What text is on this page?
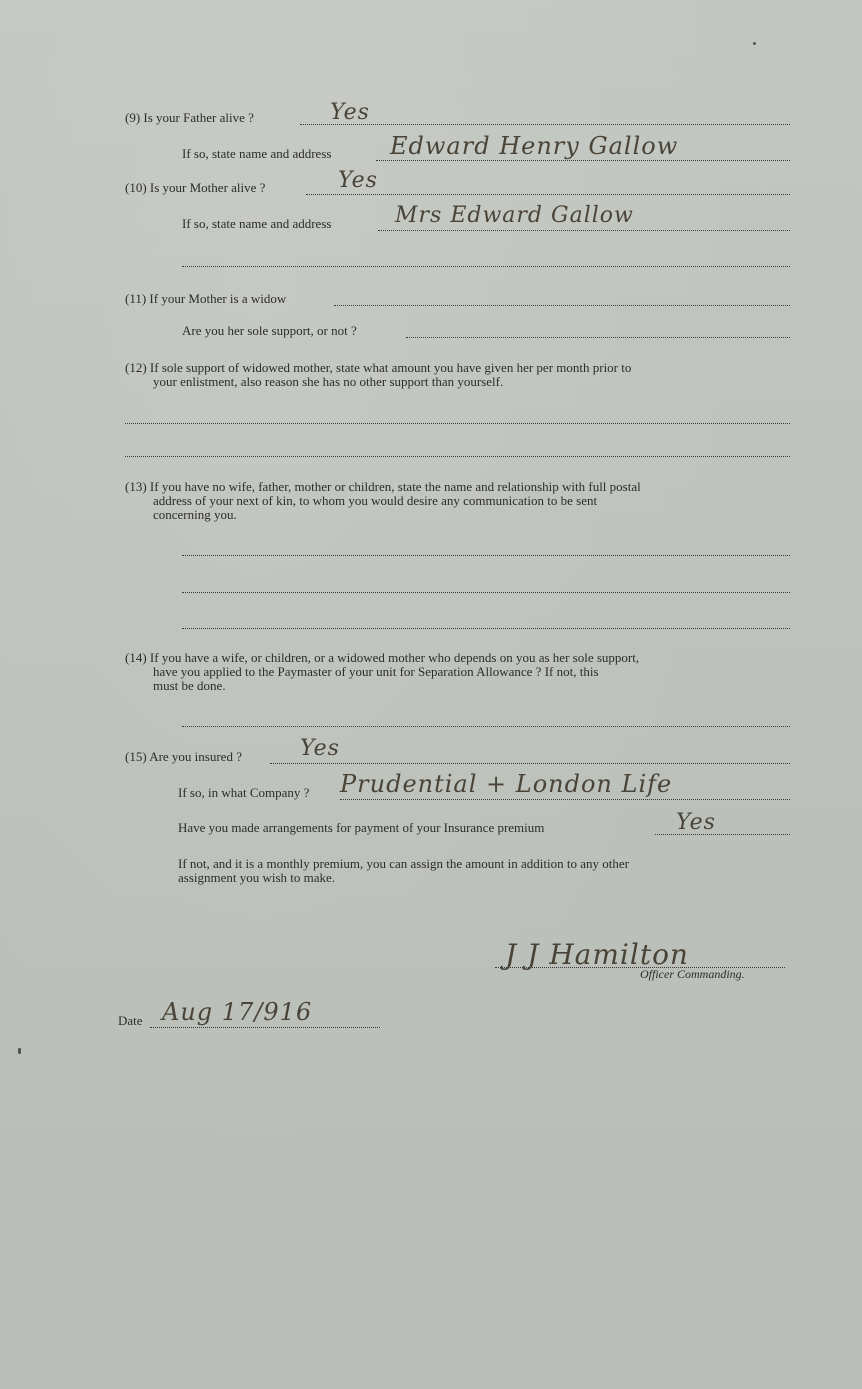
(9) Is your Father alive ?	Yes
If so, state name and address Edward Henry Gallow
(10) Is your Mother alive ?	Yes
If so, state name and address	Mrs Edward Gallow
(11) If your Mother is a widow
Are you her sole support, or not ?
(12) If sole support of widowed mother, state what amount you have given her per month prior to
your enlistment, also reason she has no other support than yourself.
(13) If you have no wife, father, mother or children, state the name and relationship with full postal
address of your next of kin, to whom you would desire any communication to be sent
concerning you.
(14) If you have a wife, or children, or a widowed mother who depends on you as her sole support,
have you applied to the Paymaster of your unit for Separation Allowance ? If not, this
must be done.
(15) Are you insured ?	Yes
If so, in what Company ? Prudential + London Life
Have you made arrangements for payment of your Insurance premium	Yes
If not, and it is a monthly premium, you can assign the amount in addition to any other
assignment you wish to make.
J J Hamilton
Officer Commanding.
Date Aug 17/916
